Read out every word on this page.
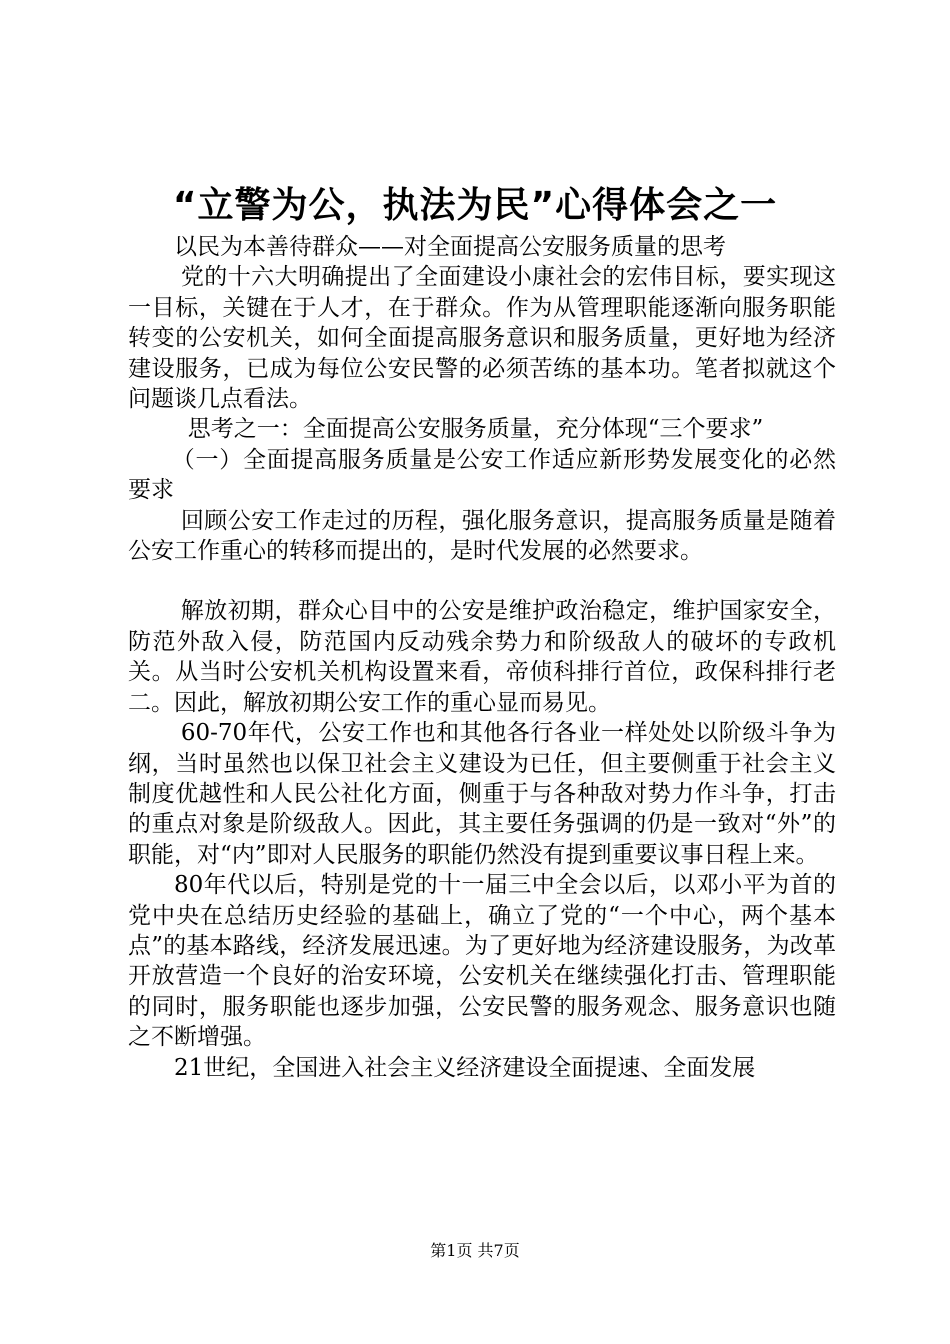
“立警为公，执法为民”心得体会之一

以民为本善待群众——对全面提高公安服务质量的思考

党的十六大明确提出了全面建设小康社会的宏伟目标，要实现这一目标，关键在于人才，在于群众。作为从管理职能逐渐向服务职能转变的公安机关，如何全面提高服务意识和服务质量，更好地为经济建设服务，已成为每位公安民警的必须苦练的基本功。笔者拟就这个问题谈几点看法。

思考之一：全面提高公安服务质量，充分体现“三个要求”

（一）全面提高服务质量是公安工作适应新形势发展变化的必然要求

回顾公安工作走过的历程，强化服务意识，提高服务质量是随着公安工作重心的转移而提出的，是时代发展的必然要求。

解放初期，群众心目中的公安是维护政治稳定，维护国家安全，防范外敌入侵，防范国内反动残余势力和阶级敌人的破坏的专政机关。从当时公安机关机构设置来看，帝侦科排行首位，政保科排行老二。因此，解放初期公安工作的重心显而易见。

60-70年代，公安工作也和其他各行各业一样处处以阶级斗争为纲，当时虽然也以保卫社会主义建设为已任，但主要侧重于社会主义制度优越性和人民公社化方面，侧重于与各种敌对势力作斗争，打击的重点对象是阶级敌人。因此，其主要任务强调的仍是一致对“外”的职能，对“内”即对人民服务的职能仍然没有提到重要议事日程上来。

80年代以后，特别是党的十一届三中全会以后，以邓小平为首的党中央在总结历史经验的基础上，确立了党的“一个中心，两个基本点”的基本路线，经济发展迅速。为了更好地为经济建设服务，为改革开放营造一个良好的治安环境，公安机关在继续强化打击、管理职能的同时，服务职能也逐步加强，公安民警的服务观念、服务意识也随之不断增强。

21世纪，全国进入社会主义经济建设全面提速、全面发展

第1页 共7页
